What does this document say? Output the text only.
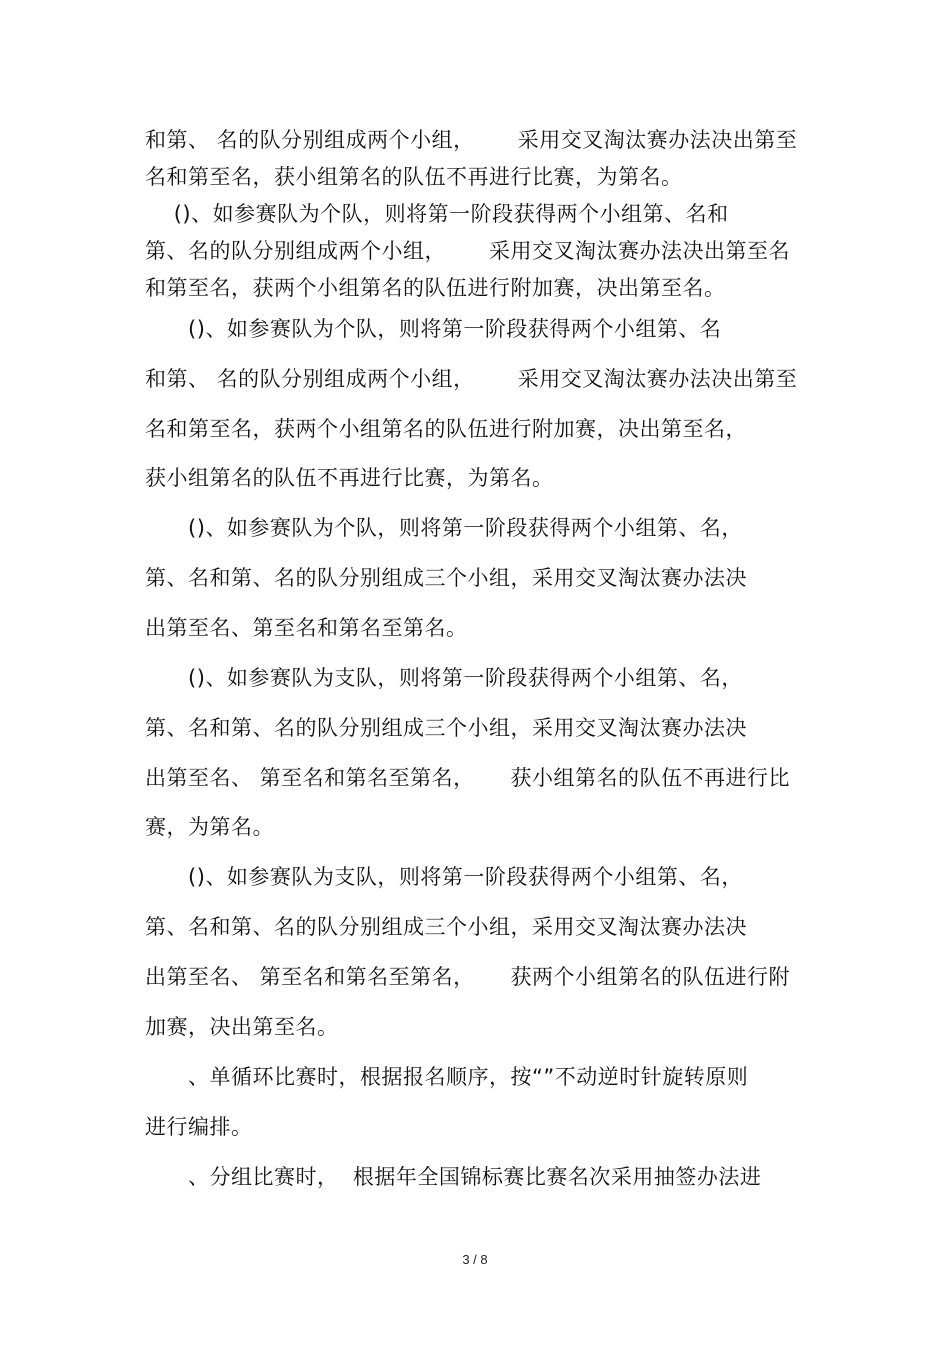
和第、 名的队分别组成两个小组，      采用交叉淘汰赛办法决出第至
名和第至名，获小组第名的队伍不再进行比赛，为第名。
()、如参赛队为个队，则将第一阶段获得两个小组第、名和
第、名的队分别组成两个小组，      采用交叉淘汰赛办法决出第至名
和第至名，获两个小组第名的队伍进行附加赛，决出第至名。
()、如参赛队为个队，则将第一阶段获得两个小组第、名
和第、 名的队分别组成两个小组，      采用交叉淘汰赛办法决出第至
名和第至名，获两个小组第名的队伍进行附加赛，决出第至名，
获小组第名的队伍不再进行比赛，为第名。
()、如参赛队为个队，则将第一阶段获得两个小组第、名，
第、名和第、名的队分别组成三个小组，采用交叉淘汰赛办法决
出第至名、第至名和第名至第名。
()、如参赛队为支队，则将第一阶段获得两个小组第、名，
第、名和第、名的队分别组成三个小组，采用交叉淘汰赛办法决
出第至名、 第至名和第名至第名，     获小组第名的队伍不再进行比
赛，为第名。
()、如参赛队为支队，则将第一阶段获得两个小组第、名，
第、名和第、名的队分别组成三个小组，采用交叉淘汰赛办法决
出第至名、 第至名和第名至第名，     获两个小组第名的队伍进行附
加赛，决出第至名。
、单循环比赛时，根据报名顺序，按“”不动逆时针旋转原则
进行编排。
、分组比赛时，  根据年全国锦标赛比赛名次采用抽签办法进
3 / 8
